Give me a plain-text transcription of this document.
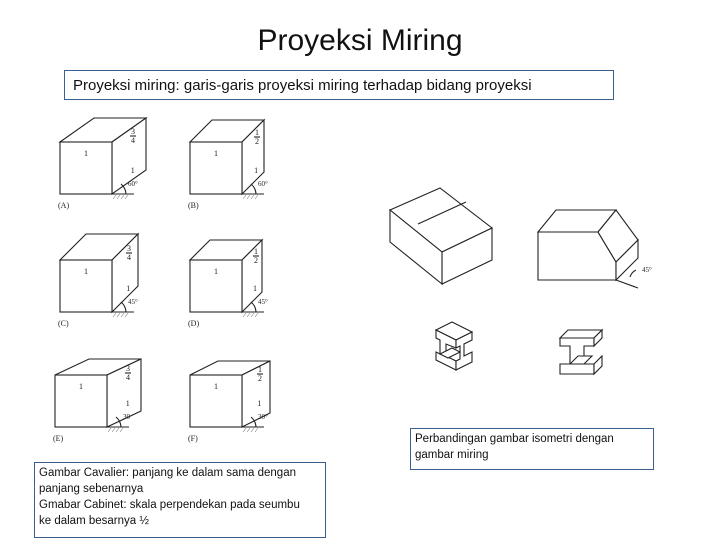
Proyeksi Miring
Proyeksi miring: garis-garis proyeksi miring terhadap bidang proyeksi
1
3
4
1
60°
(A)
1
1
2
1
60°
(B)
1
3
4
1
45°
(C)
1
1
2
1
45°
(D)
1
3
4
1
30
(E)
1
1
2
1
30°
(F)
45°
Perbandingan gambar isometri dengan
gambar miring
Gambar Cavalier: panjang ke dalam sama dengan
panjang sebenarnya
Gmabar Cabinet: skala perpendekan pada seumbu
ke dalam besarnya ½
